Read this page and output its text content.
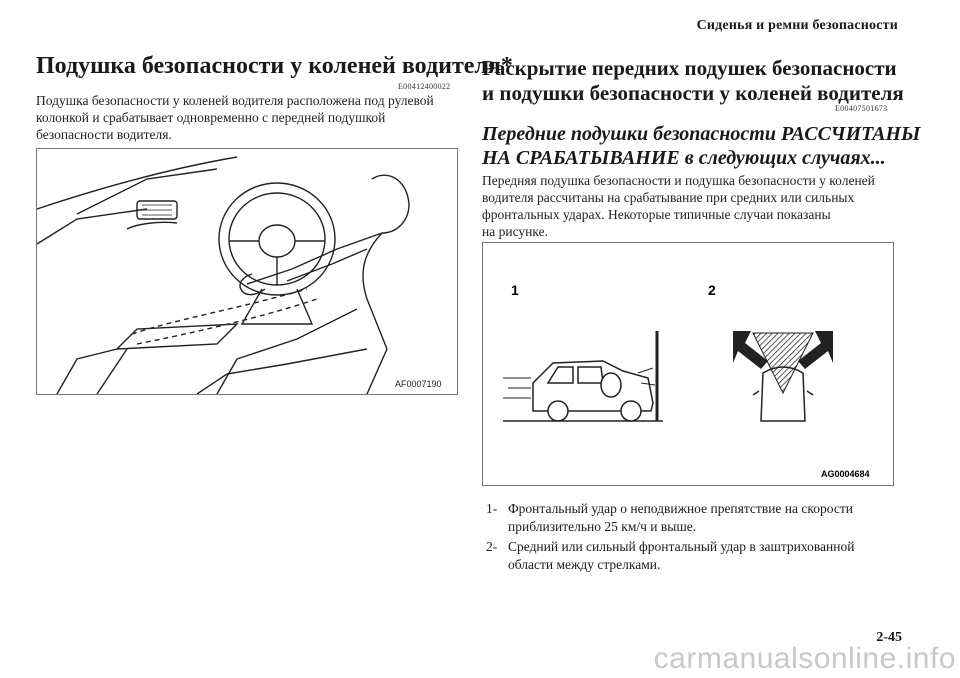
Сиденья и ремни безопасности
Подушка безопасности у коленей водителя*
E00412400022
Подушка безопасности у коленей водителя расположена под рулевой
колонкой и срабатывает одновременно с передней подушкой
безопасности водителя.
AF0007190
Раскрытие передних подушек безопасности
и подушки безопасности у коленей водителя
E00407501673
Передние подушки безопасности РАССЧИТАНЫ
НА СРАБАТЫВАНИЕ в следующих случаях...
Передняя подушка безопасности и подушка безопасности у коленей
водителя рассчитаны на срабатывание при средних или сильных
фронтальных ударах. Некоторые типичные случаи показаны
на рисунке.
1	2
AG0004684
1- Фронтальный удар о неподвижное препятствие на скорости
приблизительно 25 км/ч и выше.
2- Средний или сильный фронтальный удар в заштрихованной
области между стрелками.
2-45
carmanualsonline.info
